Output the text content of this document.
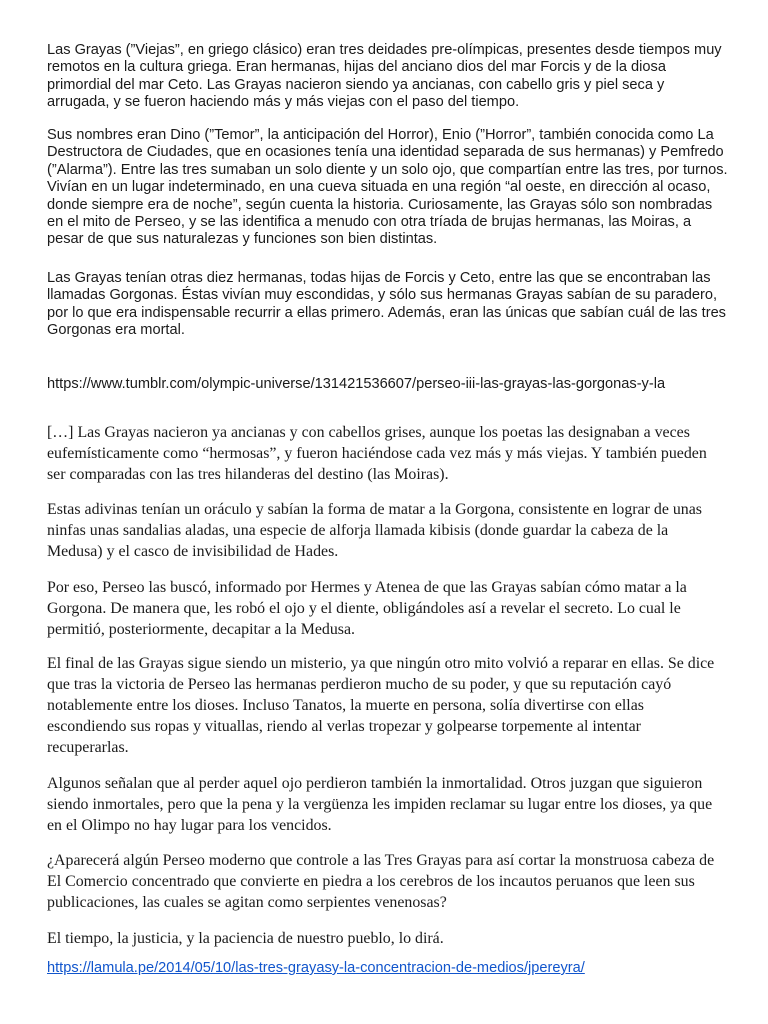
Las Grayas (”Viejas”, en griego clásico) eran tres deidades pre-olímpicas, presentes desde tiempos muy remotos en la cultura griega. Eran hermanas, hijas del anciano dios del mar Forcis y de la diosa primordial del mar Ceto. Las Grayas nacieron siendo ya ancianas, con cabello gris y piel seca y arrugada, y se fueron haciendo más y más viejas con el paso del tiempo.

Sus nombres eran Dino (”Temor”, la anticipación del Horror), Enio (”Horror”, también conocida como La Destructora de Ciudades, que en ocasiones tenía una identidad separada de sus hermanas) y Pemfredo (”Alarma”). Entre las tres sumaban un solo diente y un solo ojo, que compartían entre las tres, por turnos. Vivían en un lugar indeterminado, en una cueva situada en una región “al oeste, en dirección al ocaso, donde siempre era de noche”, según cuenta la historia. Curiosamente, las Grayas sólo son nombradas en el mito de Perseo, y se las identifica a menudo con otra tríada de brujas hermanas, las Moiras, a pesar de que sus naturalezas y funciones son bien distintas.

Las Grayas tenían otras diez hermanas, todas hijas de Forcis y Ceto, entre las que se encontraban las llamadas Gorgonas. Éstas vivían muy escondidas, y sólo sus hermanas Grayas sabían de su paradero, por lo que era indispensable recurrir a ellas primero. Además, eran las únicas que sabían cuál de las tres Gorgonas era mortal.

https://www.tumblr.com/olympic-universe/131421536607/perseo-iii-las-grayas-las-gorgonas-y-la

[…] Las Grayas nacieron ya ancianas y con cabellos grises, aunque los poetas las designaban a veces eufemísticamente como “hermosas”, y fueron haciéndose cada vez más y más viejas. Y también pueden ser comparadas con las tres hilanderas del destino (las Moiras).

Estas adivinas tenían un oráculo y sabían la forma de matar a la Gorgona, consistente en lograr de unas ninfas unas sandalias aladas, una especie de alforja llamada kibisis (donde guardar la cabeza de la Medusa) y el casco de invisibilidad de Hades.

Por eso, Perseo las buscó, informado por Hermes y Atenea de que las Grayas sabían cómo matar a la Gorgona. De manera que, les robó el ojo y el diente, obligándoles así a revelar el secreto. Lo cual le permitió, posteriormente, decapitar a la Medusa.

El final de las Grayas sigue siendo un misterio, ya que ningún otro mito volvió a reparar en ellas. Se dice que tras la victoria de Perseo las hermanas perdieron mucho de su poder, y que su reputación cayó notablemente entre los dioses. Incluso Tanatos, la muerte en persona, solía divertirse con ellas escondiendo sus ropas y vituallas, riendo al verlas tropezar y golpearse torpemente al intentar recuperarlas.

Algunos señalan que al perder aquel ojo perdieron también la inmortalidad. Otros juzgan que siguieron siendo inmortales, pero que la pena y la vergüenza les impiden reclamar su lugar entre los dioses, ya que en el Olimpo no hay lugar para los vencidos.

¿Aparecerá algún Perseo moderno que controle a las Tres Grayas para así cortar la monstruosa cabeza de El Comercio concentrado que convierte en piedra a los cerebros de los incautos peruanos que leen sus publicaciones, las cuales se agitan como serpientes venenosas?

El tiempo, la justicia, y la paciencia de nuestro pueblo, lo dirá.

https://lamula.pe/2014/05/10/las-tres-grayasy-la-concentracion-de-medios/jpereyra/
